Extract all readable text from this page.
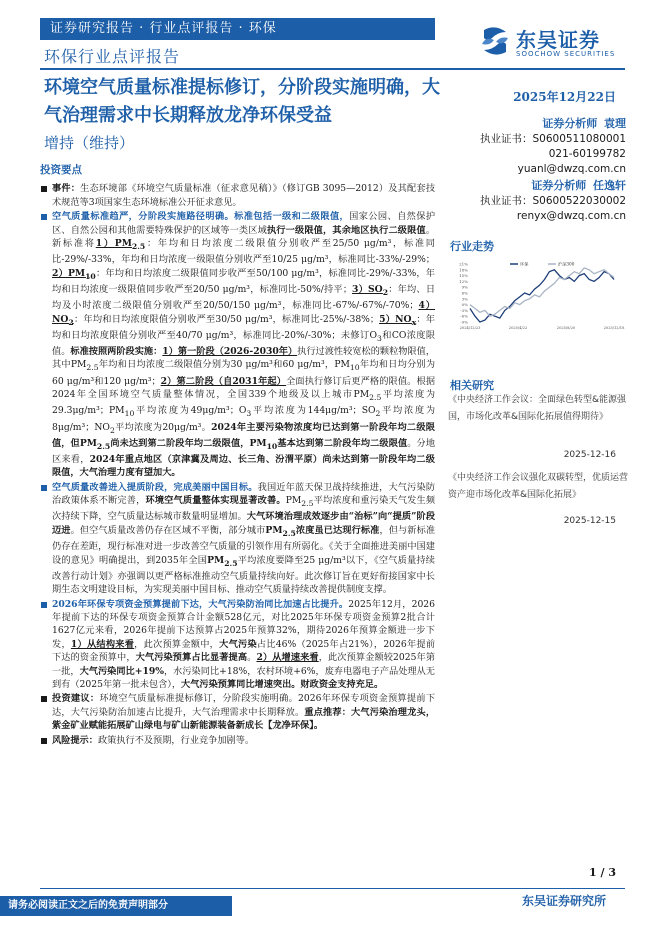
证券研究报告 · 行业点评报告 · 环保	东吴证券
SOOCHOW SECURITIES
环保行业点评报告
环境空气质量标准提标修订，分阶段实施明确，大气治理需求中长期释放龙净环保受益
增持（维持）
2025年12月22日
证券分析师 袁理
执业证书：S0600511080001
021-60199782
yuanl@dwzq.com.cn
证券分析师 任逸轩
执业证书：S0600522030002
renyx@dwzq.com.cn
行业走势
21%
18%
15%
12%
9%
6%
3%
0%
-3%
-6%
-9%
2024/12/23	2025/4/22	2025/8/20	2025/12/18
环保	沪深300
相关研究
《中央经济工作会议：全面绿色转型&能源强国，市场化改革&国际化拓展值得期待》
2025-12-16
《中央经济工作会议强化双碳转型，优质运营资产迎市场化改革&国际化拓展》
2025-12-15
投资要点
事件：生态环境部《环境空气质量标准（征求意见稿）》（修订GB 3095—2012）及其配套技术规范等3项国家生态环境标准公开征求意见。
空气质量标准趋严，分阶段实施路径明确。标准包括一级和二级限值，国家公园、自然保护区、自然公园和其他需要特殊保护的区域等一类区域执行一级限值，其余地区执行二级限值。新标准将$1)PM_{2.5}$：年均和日均浓度二级限值分别收严至25/50 μg/m³，标准同比-29%/-33%，年均和日均浓度一级限值分别收严至10/25 μg/m³，标准同比-33%/-29%；$2)PM_{10}$：年均和日均浓度二级限值同步收严至50/100 μg/m³，标准同比-29%/-33%，年均和日均浓度一级限值同步收严至20/50 μg/m³，标准同比-50%/持平；$3)SO_2$：年均、日均及小时浓度二级限值分别收严至20/50/150 μg/m³，标准同比-67%/-67%/-70%；$4)NO_2$：年均和日均浓度限值分别收严至30/50 μg/m³，标准同比-25%/-38%；$5)NO_x$：年均和日均浓度限值分别收严至40/70 μg/m³，标准同比-20%/-30%；未修订$O_3$和CO浓度限值。标准按照两阶段实施：1）第一阶段（2026-2030年）执行过渡性较宽松的颗粒物限值，其中$PM_{2.5}$年均和日均浓度二级限值分别为30 μg/m³和60 μg/m³，$PM_{10}$年均和日均分别为60 μg/m³和120 μg/m³；2）第二阶段（自2031年起）全面执行修订后更严格的限值。根据2024年全国环境空气质量整体情况，全国339个地级及以上城市$PM_{2.5}$平均浓度为29.3μg/m³；$PM_{10}$平均浓度为49μg/m³；$O_3$平均浓度为144μg/m³；$SO_2$平均浓度为8μg/m³；$NO_2$平均浓度为20μg/m³。2024年主要污染物浓度均已达到第一阶段年均二级限值，但$PM_{2.5}$尚未达到第二阶段年均二级限值，$PM_{10}$基本达到第二阶段年均二级限值。分地区来看，2024年重点地区（京津冀及周边、长三角、汾渭平原）尚未达到第一阶段年均二级限值，大气治理力度有望加大。
空气质量改善进入提质阶段，完成美丽中国目标。我国近年蓝天保卫战持续推进，大气污染防治政策体系不断完善，环境空气质量整体实现显著改善。$PM_{2.5}$平均浓度和重污染天气发生频次持续下降，空气质量达标城市数量明显增加。大气环境治理成效逐步由“治标”向“提质”阶段迈进。但空气质量改善仍存在区域不平衡，部分城市$PM_{2.5}$浓度虽已达现行标准，但与新标准仍存在差距，现行标准对进一步改善空气质量的引领作用有所弱化。《关于全面推进美丽中国建设的意见》明确提出，到2035年全国$PM_{2.5}$平均浓度要降至25 μg/m³以下，《空气质量持续改善行动计划》亦强调以更严格标准推动空气质量持续向好。此次修订旨在更好衔接国家中长期生态文明建设目标，为实现美丽中国目标、推动空气质量持续改善提供制度支撑。
2026年环保专项资金预算提前下达，大气污染防治同比加速占比提升。2025年12月，2026年提前下达的环保专项资金预算合计金额528亿元，对比2025年环保专项资金预算2批合计1627亿元来看，2026年提前下达预算占2025年预算32%，期待2026年预算金额进一步下发，1）从结构来看，此次预算金额中，大气污染占比46%（2025年占21%），2026年提前下达的资金预算中，大气污染预算占比显著提高。2）从增速来看，此次预算金额较2025年第一批，大气污染同比+19%，水污染同比+18%，农村环境+6%，废弃电器电子产品处理从无到有（2025年第一批未包含），大气污染预算同比增速突出。财政资金支持充足。
投资建议：环境空气质量标准提标修订，分阶段实施明确。2026年环保专项资金预算提前下达，大气污染防治加速占比提升，大气治理需求中长期释放。重点推荐：大气污染治理龙头，紫金矿业赋能拓展矿山绿电与矿山新能源装备新成长【龙净环保】。
风险提示：政策执行不及预期，行业竞争加剧等。
1 / 3
东吴证券研究所
请务必阅读正文之后的免责声明部分
